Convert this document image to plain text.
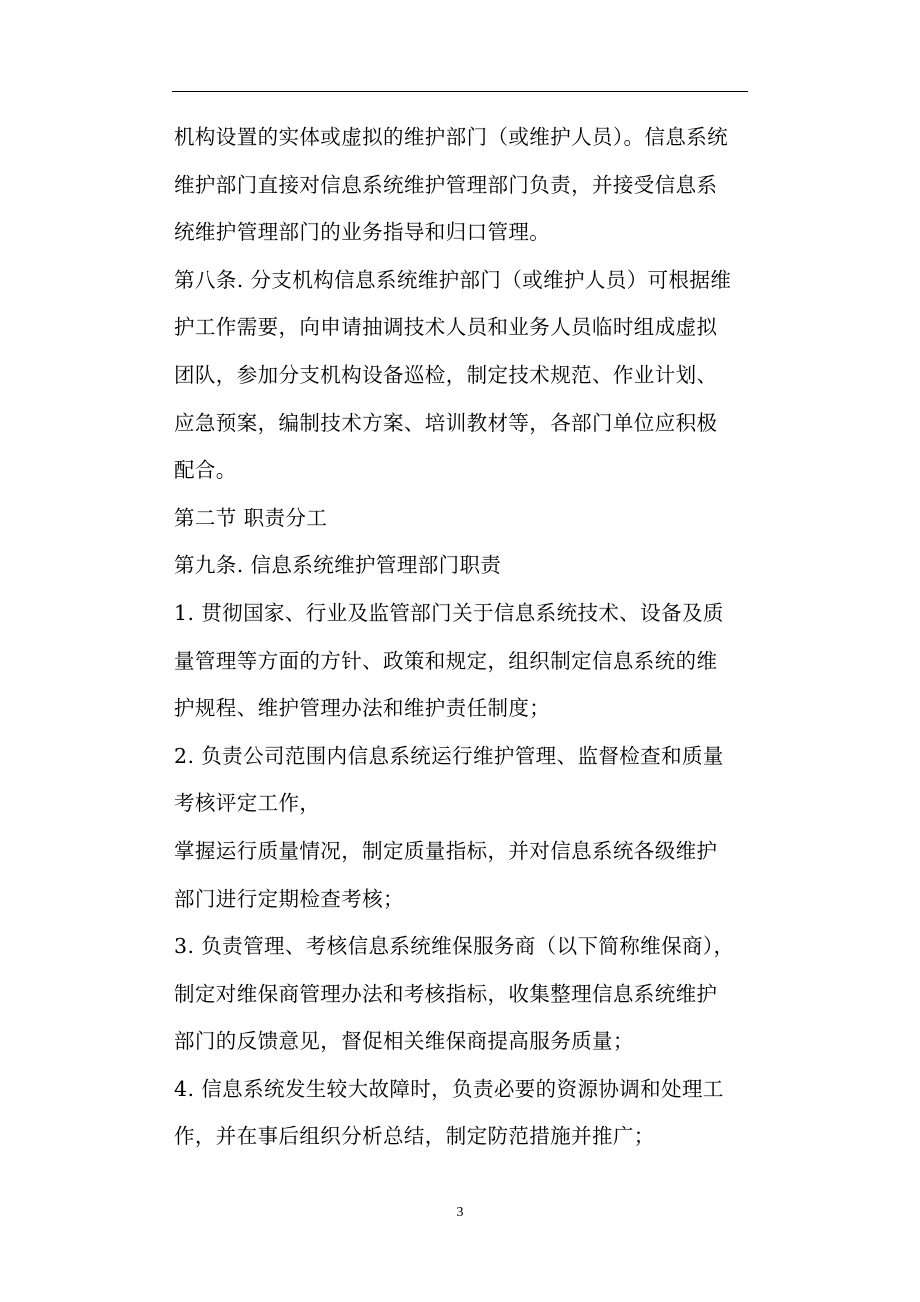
机构设置的实体或虚拟的维护部门（或维护人员）。信息系统
维护部门直接对信息系统维护管理部门负责，并接受信息系
统维护管理部门的业务指导和归口管理。
第八条. 分支机构信息系统维护部门（或维护人员）可根据维
护工作需要，向申请抽调技术人员和业务人员临时组成虚拟
团队，参加分支机构设备巡检，制定技术规范、作业计划、
应急预案，编制技术方案、培训教材等，各部门单位应积极
配合。
第二节 职责分工
第九条. 信息系统维护管理部门职责
1. 贯彻国家、行业及监管部门关于信息系统技术、设备及质
量管理等方面的方针、政策和规定，组织制定信息系统的维
护规程、维护管理办法和维护责任制度；
2. 负责公司范围内信息系统运行维护管理、监督检查和质量
考核评定工作，
掌握运行质量情况，制定质量指标，并对信息系统各级维护
部门进行定期检查考核；
3. 负责管理、考核信息系统维保服务商（以下简称维保商），
制定对维保商管理办法和考核指标，收集整理信息系统维护
部门的反馈意见，督促相关维保商提高服务质量；
4. 信息系统发生较大故障时，负责必要的资源协调和处理工
作，并在事后组织分析总结，制定防范措施并推广；
3
